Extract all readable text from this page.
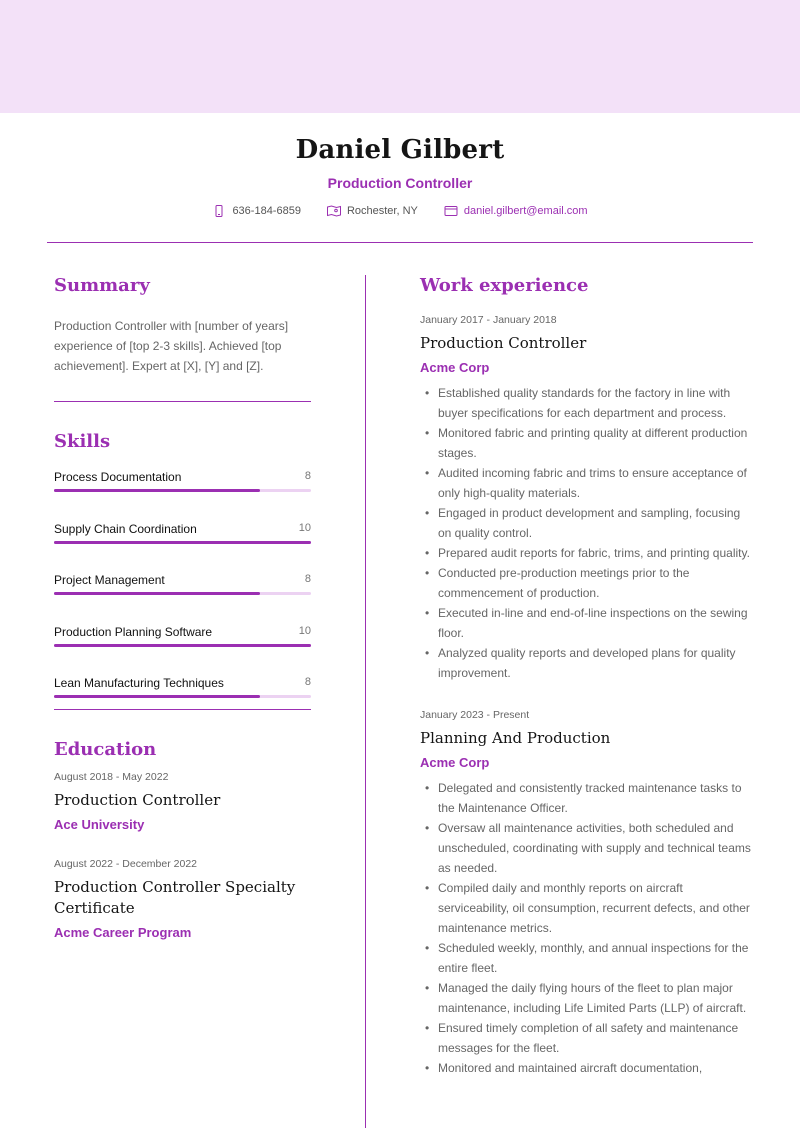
Daniel Gilbert
Production Controller
636-184-6859	Rochester, NY	daniel.gilbert@email.com
Summary
Production Controller with [number of years] experience of [top 2-3 skills]. Achieved [top achievement]. Expert at [X], [Y] and [Z].
Skills
Process Documentation	8
Supply Chain Coordination	10
Project Management	8
Production Planning Software	10
Lean Manufacturing Techniques	8
Education
August 2018 - May 2022
Production Controller
Ace University
August 2022 - December 2022
Production Controller Specialty Certificate
Acme Career Program
Work experience
January 2017 - January 2018
Production Controller
Acme Corp
• Established quality standards for the factory in line with buyer specifications for each department and process.
• Monitored fabric and printing quality at different production stages.
• Audited incoming fabric and trims to ensure acceptance of only high-quality materials.
• Engaged in product development and sampling, focusing on quality control.
• Prepared audit reports for fabric, trims, and printing quality.
• Conducted pre-production meetings prior to the commencement of production.
• Executed in-line and end-of-line inspections on the sewing floor.
• Analyzed quality reports and developed plans for quality improvement.
January 2023 - Present
Planning And Production
Acme Corp
• Delegated and consistently tracked maintenance tasks to the Maintenance Officer.
• Oversaw all maintenance activities, both scheduled and unscheduled, coordinating with supply and technical teams as needed.
• Compiled daily and monthly reports on aircraft serviceability, oil consumption, recurrent defects, and other maintenance metrics.
• Scheduled weekly, monthly, and annual inspections for the entire fleet.
• Managed the daily flying hours of the fleet to plan major maintenance, including Life Limited Parts (LLP) of aircraft.
• Ensured timely completion of all safety and maintenance messages for the fleet.
• Monitored and maintained aircraft documentation,
